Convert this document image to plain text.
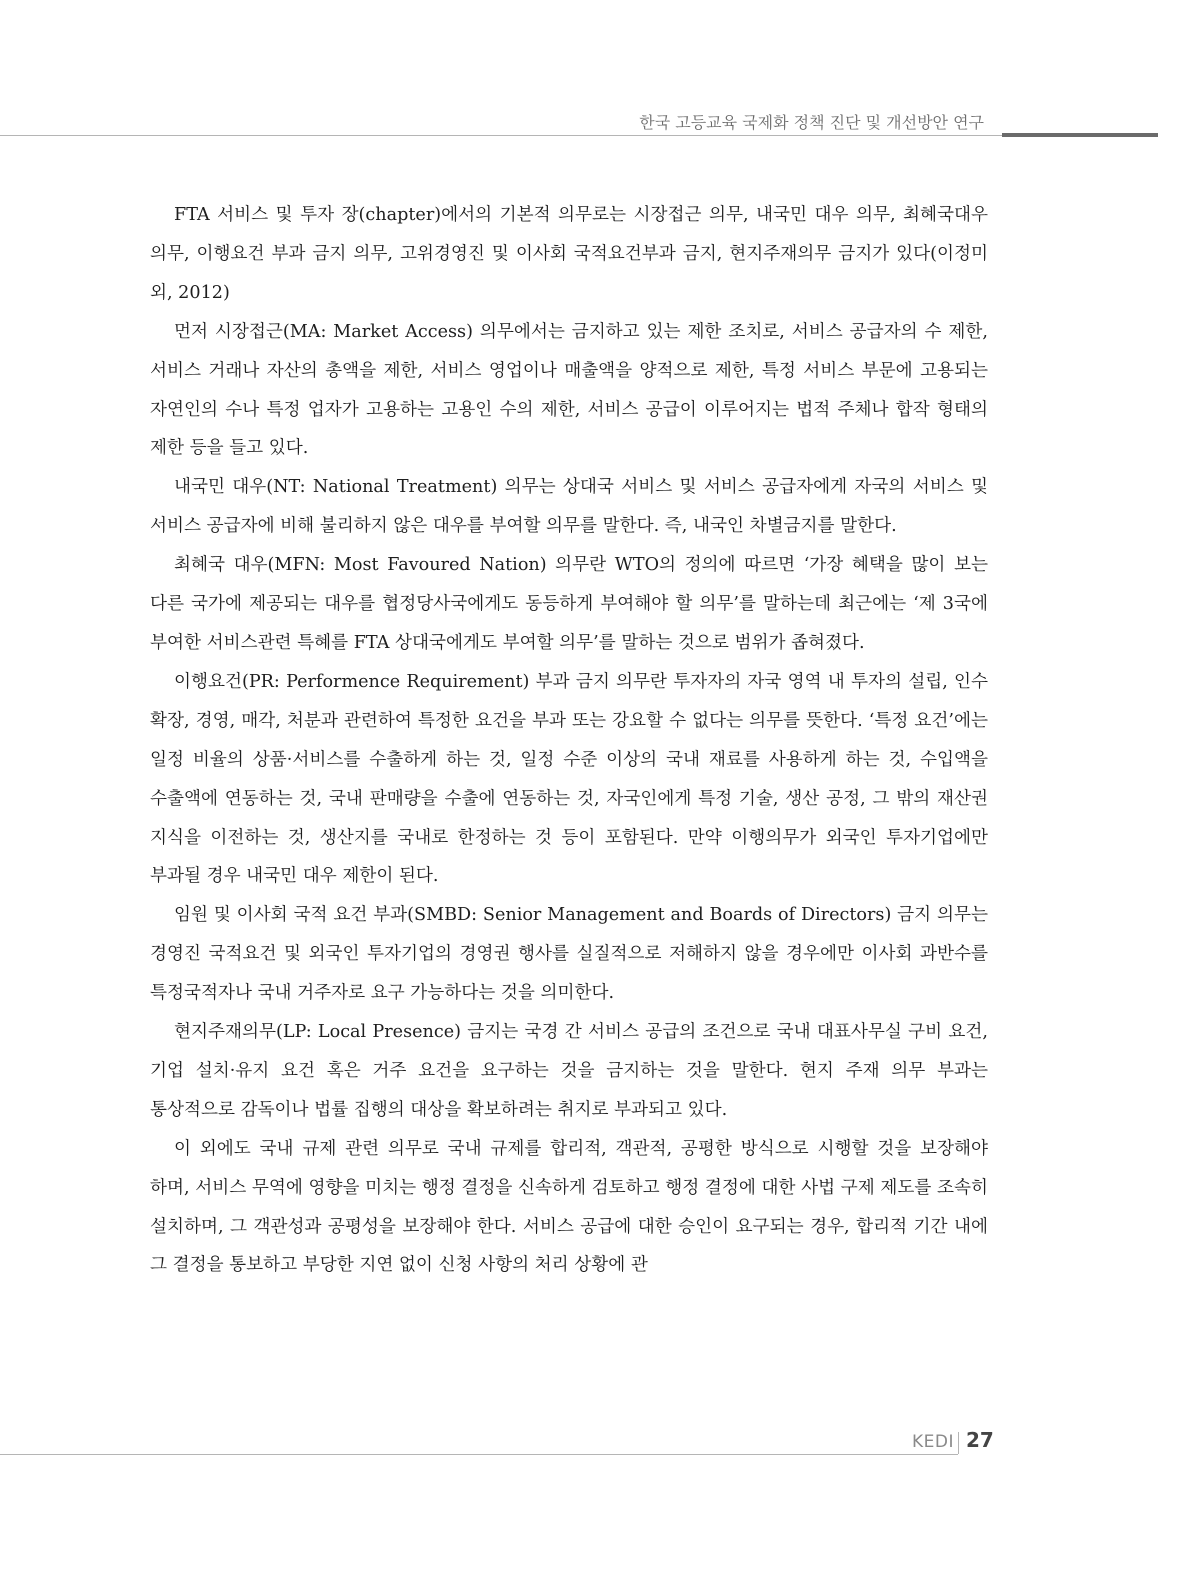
한국 고등교육 국제화 정책 진단 및 개선방안 연구

FTA 서비스 및 투자 장(chapter)에서의 기본적 의무로는 시장접근 의무, 내국민 대우 의무, 최혜국대우 의무, 이행요건 부과 금지 의무, 고위경영진 및 이사회 국적요건부과 금지, 현지주재의무 금지가 있다(이정미 외, 2012)

먼저 시장접근(MA: Market Access) 의무에서는 금지하고 있는 제한 조치로, 서비스 공급자의 수 제한, 서비스 거래나 자산의 총액을 제한, 서비스 영업이나 매출액을 양적으로 제한, 특정 서비스 부문에 고용되는 자연인의 수나 특정 업자가 고용하는 고용인 수의 제한, 서비스 공급이 이루어지는 법적 주체나 합작 형태의 제한 등을 들고 있다.

내국민 대우(NT: National Treatment) 의무는 상대국 서비스 및 서비스 공급자에게 자국의 서비스 및 서비스 공급자에 비해 불리하지 않은 대우를 부여할 의무를 말한다. 즉, 내국인 차별금지를 말한다.

최혜국 대우(MFN: Most Favoured Nation) 의무란 WTO의 정의에 따르면 ‘가장 혜택을 많이 보는 다른 국가에 제공되는 대우를 협정당사국에게도 동등하게 부여해야 할 의무’를 말하는데 최근에는 ‘제 3국에 부여한 서비스관련 특혜를 FTA 상대국에게도 부여할 의무’를 말하는 것으로 범위가 좁혀졌다.

이행요건(PR: Performence Requirement) 부과 금지 의무란 투자자의 자국 영역 내 투자의 설립, 인수 확장, 경영, 매각, 처분과 관련하여 특정한 요건을 부과 또는 강요할 수 없다는 의무를 뜻한다. ‘특정 요건’에는 일정 비율의 상품·서비스를 수출하게 하는 것, 일정 수준 이상의 국내 재료를 사용하게 하는 것, 수입액을 수출액에 연동하는 것, 국내 판매량을 수출에 연동하는 것, 자국인에게 특정 기술, 생산 공정, 그 밖의 재산권 지식을 이전하는 것, 생산지를 국내로 한정하는 것 등이 포함된다. 만약 이행의무가 외국인 투자기업에만 부과될 경우 내국민 대우 제한이 된다.

임원 및 이사회 국적 요건 부과(SMBD: Senior Management and Boards of Directors) 금지 의무는 경영진 국적요건 및 외국인 투자기업의 경영권 행사를 실질적으로 저해하지 않을 경우에만 이사회 과반수를 특정국적자나 국내 거주자로 요구 가능하다는 것을 의미한다.

현지주재의무(LP: Local Presence) 금지는 국경 간 서비스 공급의 조건으로 국내 대표사무실 구비 요건, 기업 설치·유지 요건 혹은 거주 요건을 요구하는 것을 금지하는 것을 말한다. 현지 주재 의무 부과는 통상적으로 감독이나 법률 집행의 대상을 확보하려는 취지로 부과되고 있다.

이 외에도 국내 규제 관련 의무로 국내 규제를 합리적, 객관적, 공평한 방식으로 시행할 것을 보장해야 하며, 서비스 무역에 영향을 미치는 행정 결정을 신속하게 검토하고 행정 결정에 대한 사법 구제 제도를 조속히 설치하며, 그 객관성과 공평성을 보장해야 한다. 서비스 공급에 대한 승인이 요구되는 경우, 합리적 기간 내에 그 결정을 통보하고 부당한 지연 없이 신청 사항의 처리 상황에 관

KEDI 27
